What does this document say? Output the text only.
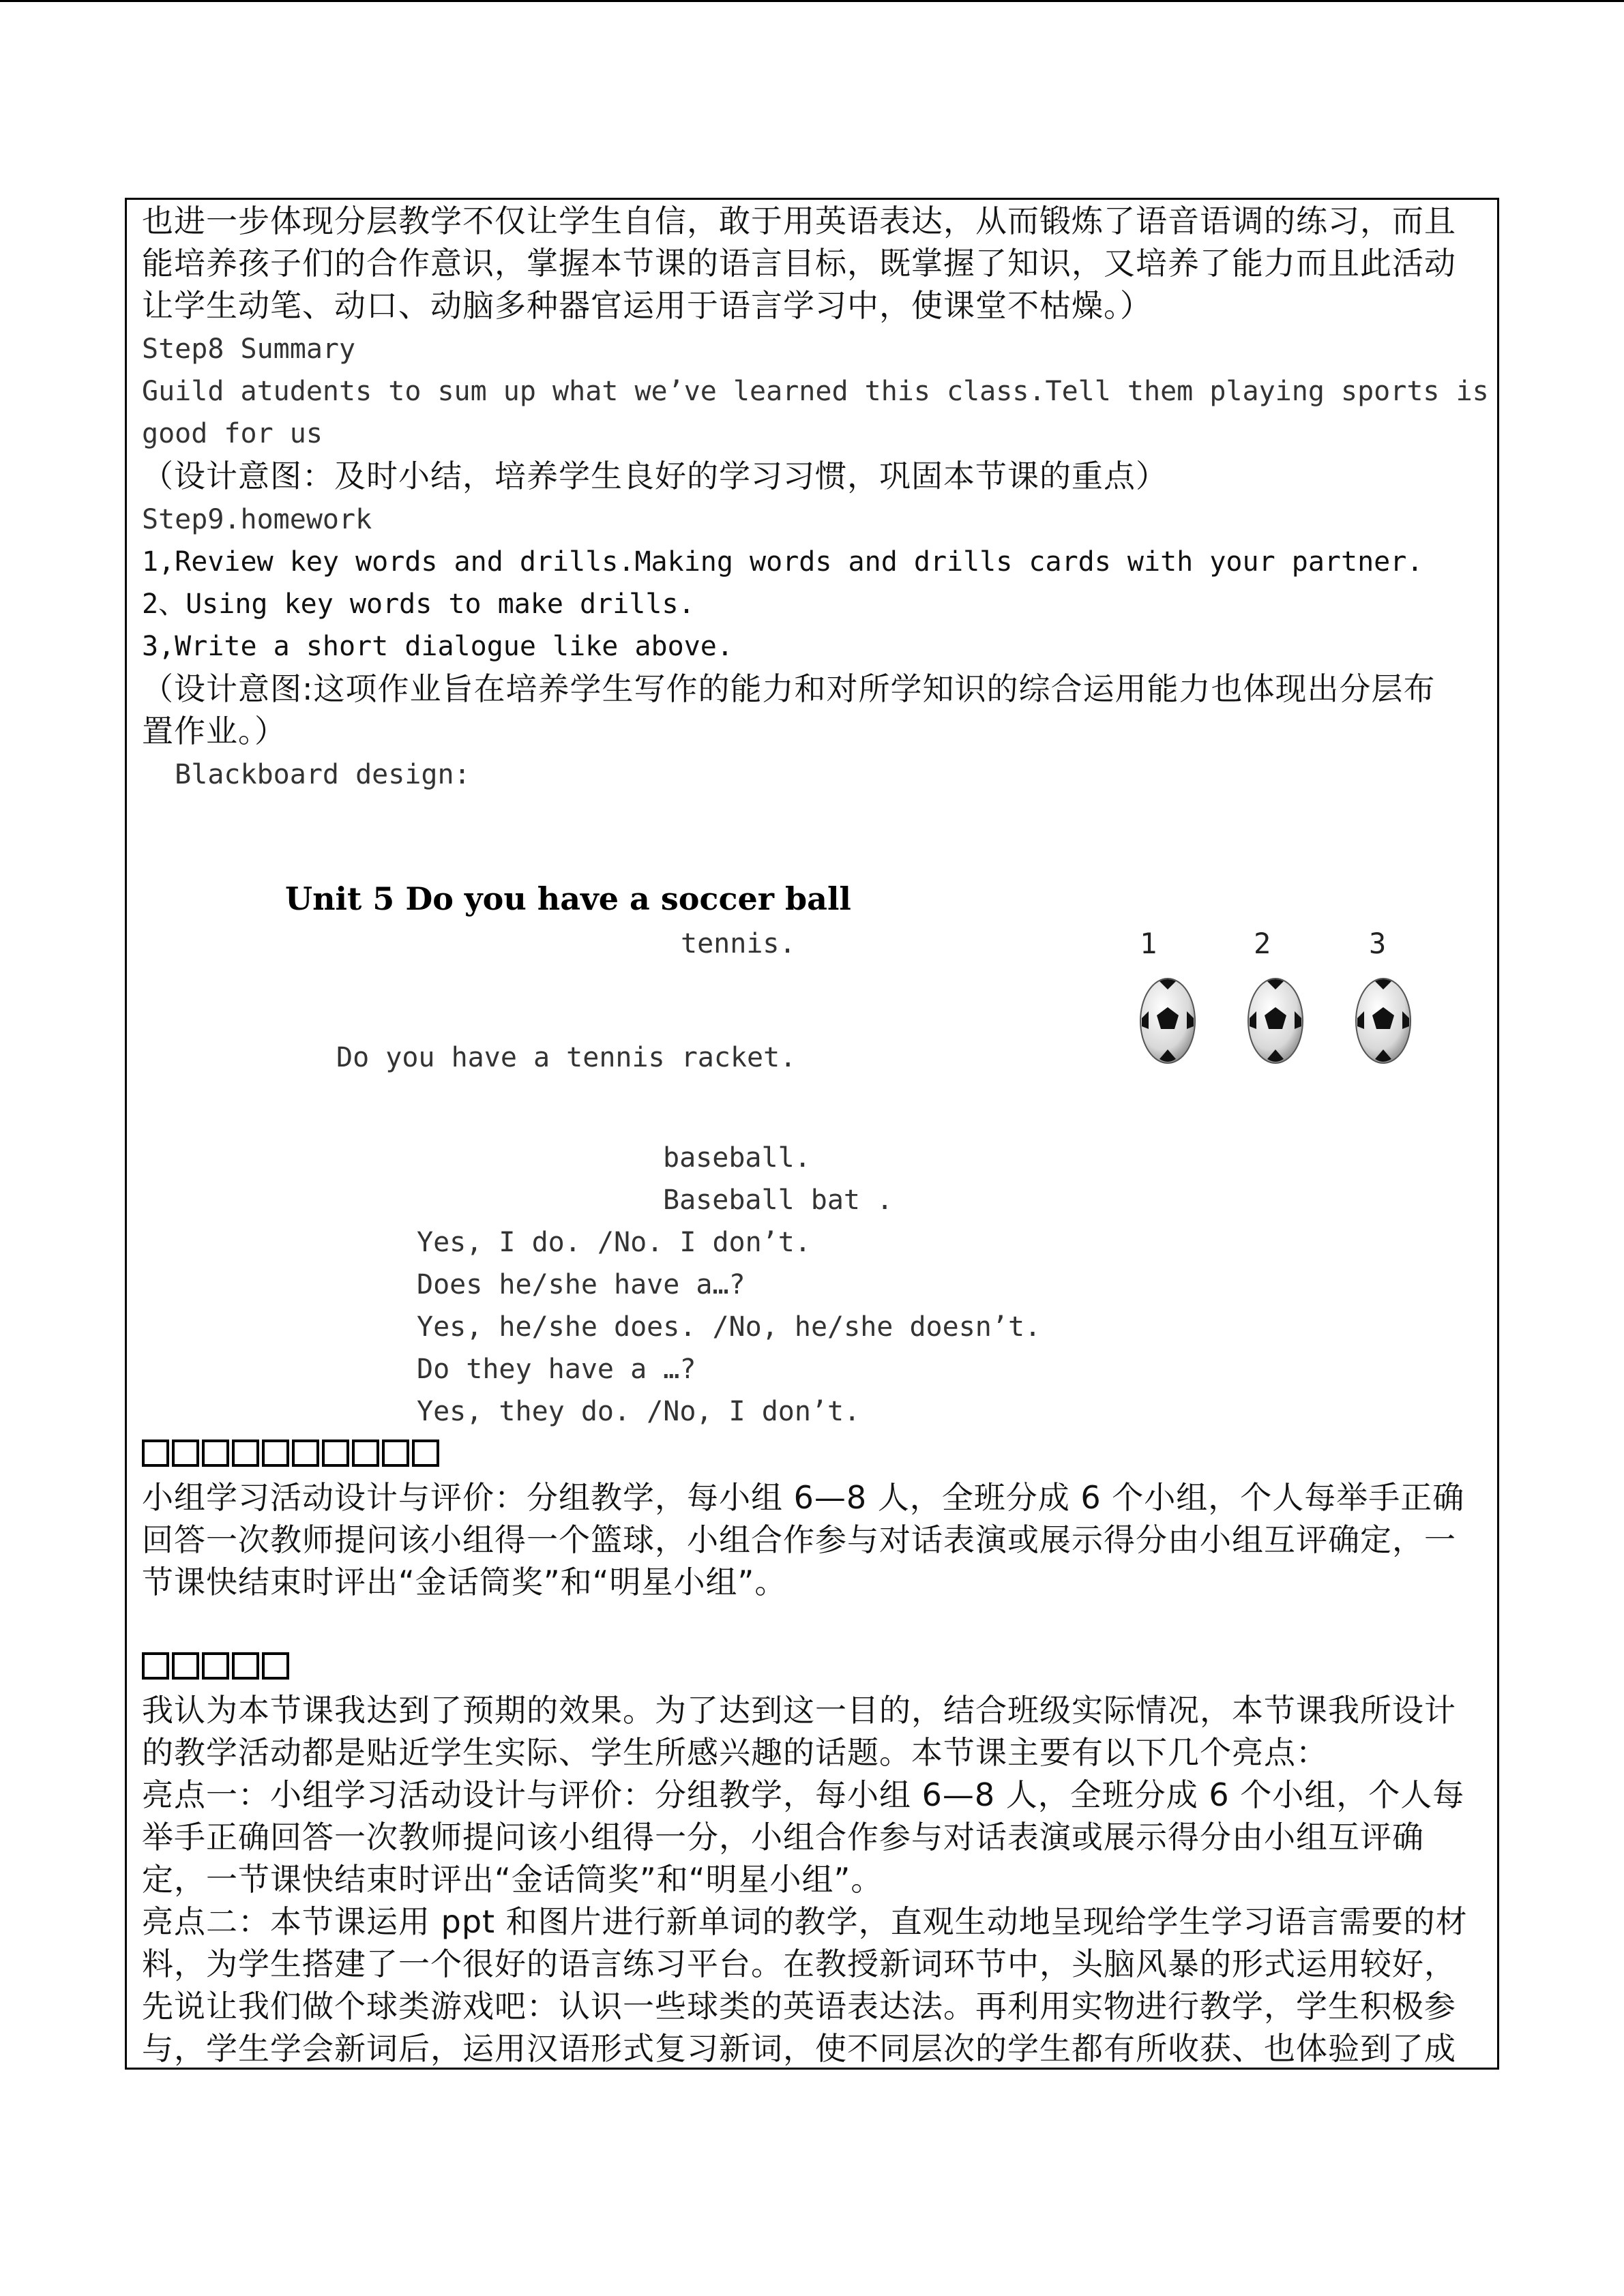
也进一步体现分层教学不仅让学生自信，敢于用英语表达，从而锻炼了语音语调的练习，而且
能培养孩子们的合作意识，掌握本节课的语言目标，既掌握了知识，又培养了能力而且此活动
让学生动笔、动口、动脑多种器官运用于语言学习中，使课堂不枯燥。）
Step8 Summary
Guild atudents to sum up what we’ve learned this class.Tell them playing sports is
good for us
（设计意图：及时小结，培养学生良好的学习习惯，巩固本节课的重点）
Step9.homework
1,Review key words and drills.Making words and drills cards with your partner.
2、Using key words to make drills.
3,Write a short dialogue like above.
（设计意图:这项作业旨在培养学生写作的能力和对所学知识的综合运用能力也体现出分层布
置作业。）
Blackboard design:
Unit 5 Do you have a soccer ball
tennis.
Do you have a tennis racket.
baseball.
Baseball bat .
Yes, I do. /No. I don’t.
Does he/she have a…?
Yes, he/she does. /No, he/she doesn’t.
Do they have a …?
Yes, they do. /No, I don’t.
1	2	3
小组学习活动设计与评价：分组教学，每小组 6—8 人，全班分成 6 个小组，个人每举手正确
回答一次教师提问该小组得一个篮球，小组合作参与对话表演或展示得分由小组互评确定，一
节课快结束时评出“金话筒奖”和“明星小组”。
我认为本节课我达到了预期的效果。为了达到这一目的，结合班级实际情况，本节课我所设计
的教学活动都是贴近学生实际、学生所感兴趣的话题。本节课主要有以下几个亮点：
亮点一：小组学习活动设计与评价：分组教学，每小组 6—8 人，全班分成 6 个小组，个人每
举手正确回答一次教师提问该小组得一分，小组合作参与对话表演或展示得分由小组互评确
定，一节课快结束时评出“金话筒奖”和“明星小组”。
亮点二：本节课运用 ppt 和图片进行新单词的教学，直观生动地呈现给学生学习语言需要的材
料，为学生搭建了一个很好的语言练习平台。在教授新词环节中，头脑风暴的形式运用较好，
先说让我们做个球类游戏吧：认识一些球类的英语表达法。再利用实物进行教学，学生积极参
与，学生学会新词后，运用汉语形式复习新词，使不同层次的学生都有所收获、也体验到了成
